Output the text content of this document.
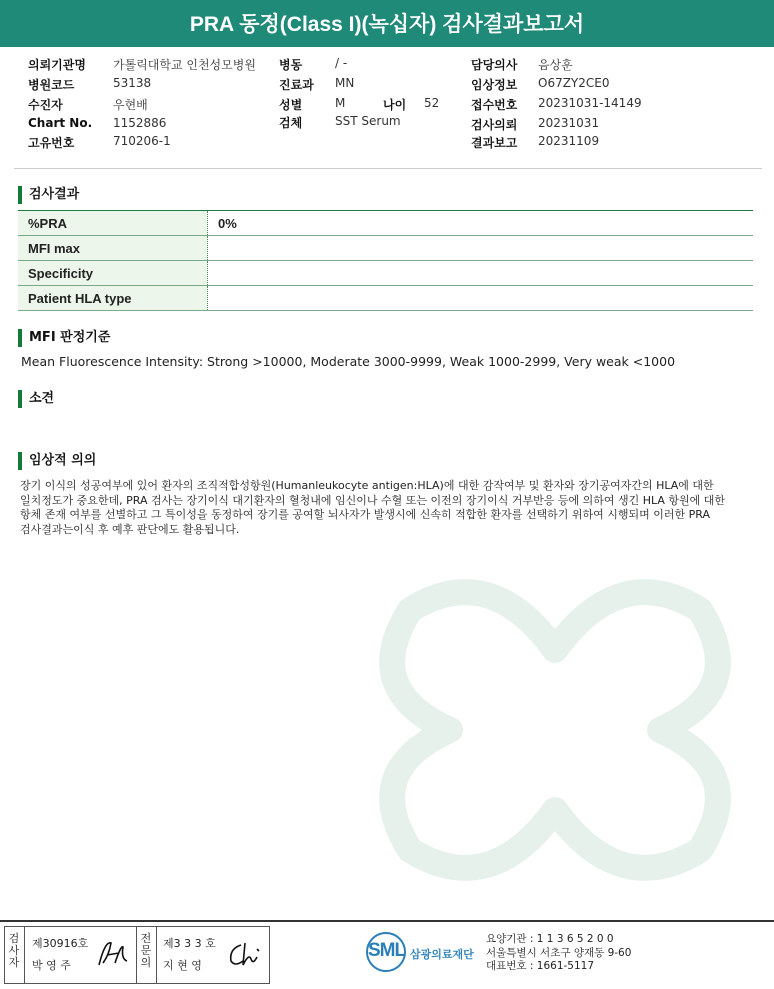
PRA 동정(Class I)(녹십자) 검사결과보고서
의뢰기관명 가톨릭대학교 인천성모병원
병원코드	53138
수진자	우현배
Chart No. 1152886
고유번호	710206-1
나이 52
병동	/ -
진료과 MN
성별	M
검체	SST Serum
담당의사 음상훈
임상정보 O67ZY2CE0
접수번호 20231031-14149
검사의뢰 20231031
결과보고 20231109
검사결과
%PRA	0%
MFI max	
Specificity	
Patient HLA type	
MFI 판정기준
Mean Fluorescence Intensity: Strong >10000, Moderate 3000-9999, Weak 1000-2999, Very weak <1000
소견
임상적 의의
장기 이식의 성공여부에 있어 환자의 조직적합성항원(Humanleukocyte antigen:HLA)에 대한 감작여부 및 환자와 장기공여자간의 HLA에 대한
일치정도가 중요한데, PRA 검사는 장기이식 대기환자의 혈청내에 임신이나 수혈 또는 이전의 장기이식 거부반응 등에 의하여 생긴 HLA 항원에 대한
항체 존재 여부를 선별하고 그 특이성을 동정하여 장기를 공여할 뇌사자가 발생시에 신속히 적합한 환자를 선택하기 위하여 시행되며 이러한 PRA
검사결과는이식 후 예후 판단에도 활용됩니다.
검사자
제30916호
박 영 주
전문의
제3 3 3 호
지 현 영
SML 삼광의료재단
요양기관 : 1 1 3 6 5 2 0 0
서울특별시 서초구 양재동 9-60
대표번호 : 1661-5117
